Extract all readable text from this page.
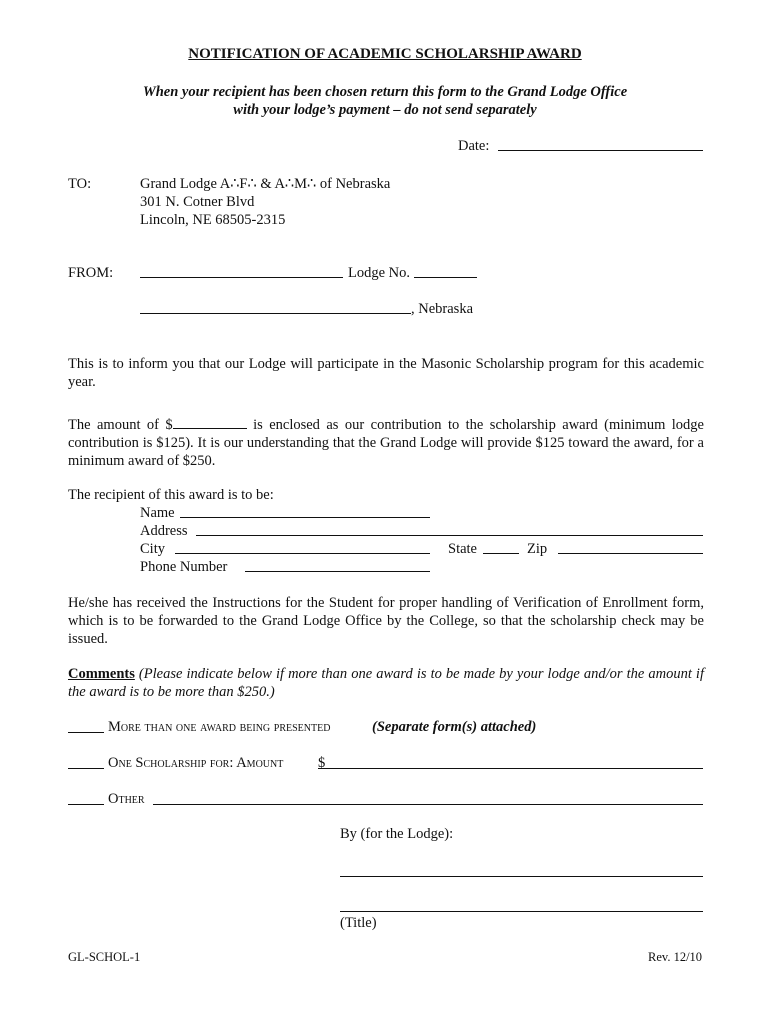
NOTIFICATION OF ACADEMIC SCHOLARSHIP AWARD
When your recipient has been chosen return this form to the Grand Lodge Office
with your lodge’s payment – do not send separately
Date:
TO:	Grand Lodge A∴F∴ & A∴M∴ of Nebraska
301 N. Cotner Blvd
Lincoln, NE 68505-2315
FROM:	Lodge No.
, Nebraska
This is to inform you that our Lodge will participate in the Masonic Scholarship program for this academic year.
The amount of $	is enclosed as our contribution to the scholarship award (minimum lodge contribution is $125). It is our understanding that the Grand Lodge will provide $125 toward the award, for a minimum award of $250.
The recipient of this award is to be:
Name
Address
City	State	Zip
Phone Number
He/she has received the Instructions for the Student for proper handling of Verification of Enrollment form, which is to be forwarded to the Grand Lodge Office by the College, so that the scholarship check may be issued.
Comments (Please indicate below if more than one award is to be made by your lodge and/or the amount if the award is to be more than $250.)
More than one award being presented	(Separate form(s) attached)
One Scholarship for: Amount $
Other
By (for the Lodge):
(Title)
GL-SCHOL-1	Rev. 12/10
